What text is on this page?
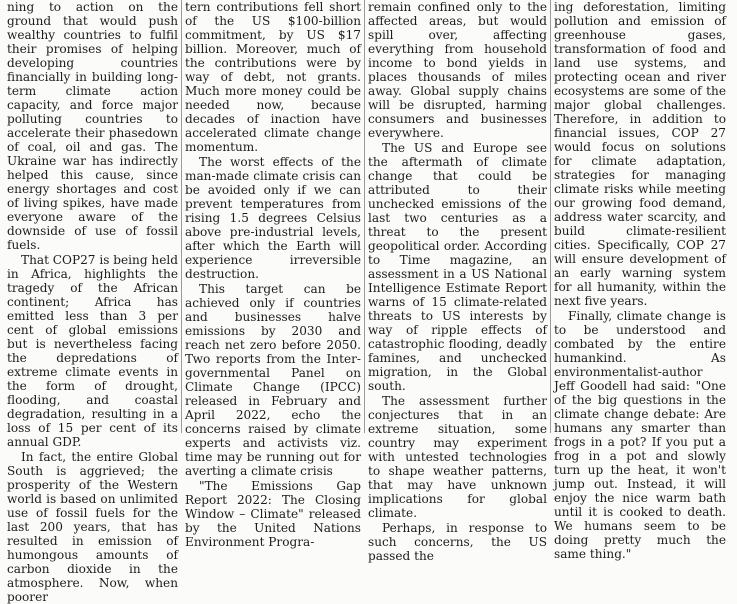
ning to action on the ground that would push wealthy countries to fulfil their promises of helping developing countries financially in building long-term climate action capacity, and force major polluting countries to accelerate their phasedown of coal, oil and gas. The Ukraine war has indirectly helped this cause, since energy shortages and cost of living spikes, have made everyone aware of the downside of use of fossil fuels.

That COP27 is being held in Africa, highlights the tragedy of the African continent; Africa has emitted less than 3 per cent of global emissions but is nevertheless facing the depredations of extreme climate events in the form of drought, flooding, and coastal degradation, resulting in a loss of 15 per cent of its annual GDP.

In fact, the entire Global South is aggrieved; the prosperity of the Western world is based on unlimited use of fossil fuels for the last 200 years, that has resulted in emission of humongous amounts of carbon dioxide in the atmosphere. Now, when poorer

tern contributions fell short of the US $100-billion commitment, by US $17 billion. Moreover, much of the contributions were by way of debt, not grants. Much more money could be needed now, because decades of inaction have accelerated climate change momentum.

The worst effects of the man-made climate crisis can be avoided only if we can prevent temperatures from rising 1.5 degrees Celsius above pre-industrial levels, after which the Earth will experience irreversible destruction.

This target can be achieved only if countries and businesses halve emissions by 2030 and reach net zero before 2050. Two reports from the Inter-governmental Panel on Climate Change (IPCC) released in February and April 2022, echo the concerns raised by climate experts and activists viz. time may be running out for averting a climate crisis

"The Emissions Gap Report 2022: The Closing Window – Climate" released by the United Nations Environment Progra-

remain confined only to the affected areas, but would spill over, affecting everything from household income to bond yields in places thousands of miles away. Global supply chains will be disrupted, harming consumers and businesses everywhere.

The US and Europe see the aftermath of climate change that could be attributed to their unchecked emissions of the last two centuries as a threat to the present geopolitical order. According to Time magazine, an assessment in a US National Intelligence Estimate Report warns of 15 climate-related threats to US interests by way of ripple effects of catastrophic flooding, deadly famines, and unchecked migration, in the Global south.

The assessment further conjectures that in an extreme situation, some country may experiment with untested technologies to shape weather patterns, that may have unknown implications for global climate.

Perhaps, in response to such concerns, the US passed the

ing deforestation, limiting pollution and emission of greenhouse gases, transformation of food and land use systems, and protecting ocean and river ecosystems are some of the major global challenges. Therefore, in addition to financial issues, COP 27 would focus on solutions for climate adaptation, strategies for managing climate risks while meeting our growing food demand, address water scarcity, and build climate-resilient cities. Specifically, COP 27 will ensure development of an early warning system for all humanity, within the next five years.

Finally, climate change is to be understood and combated by the entire humankind. As environmentalist-author Jeff Goodell had said: "One of the big questions in the climate change debate: Are humans any smarter than frogs in a pot? If you put a frog in a pot and slowly turn up the heat, it won't jump out. Instead, it will enjoy the nice warm bath until it is cooked to death. We humans seem to be doing pretty much the same thing."
